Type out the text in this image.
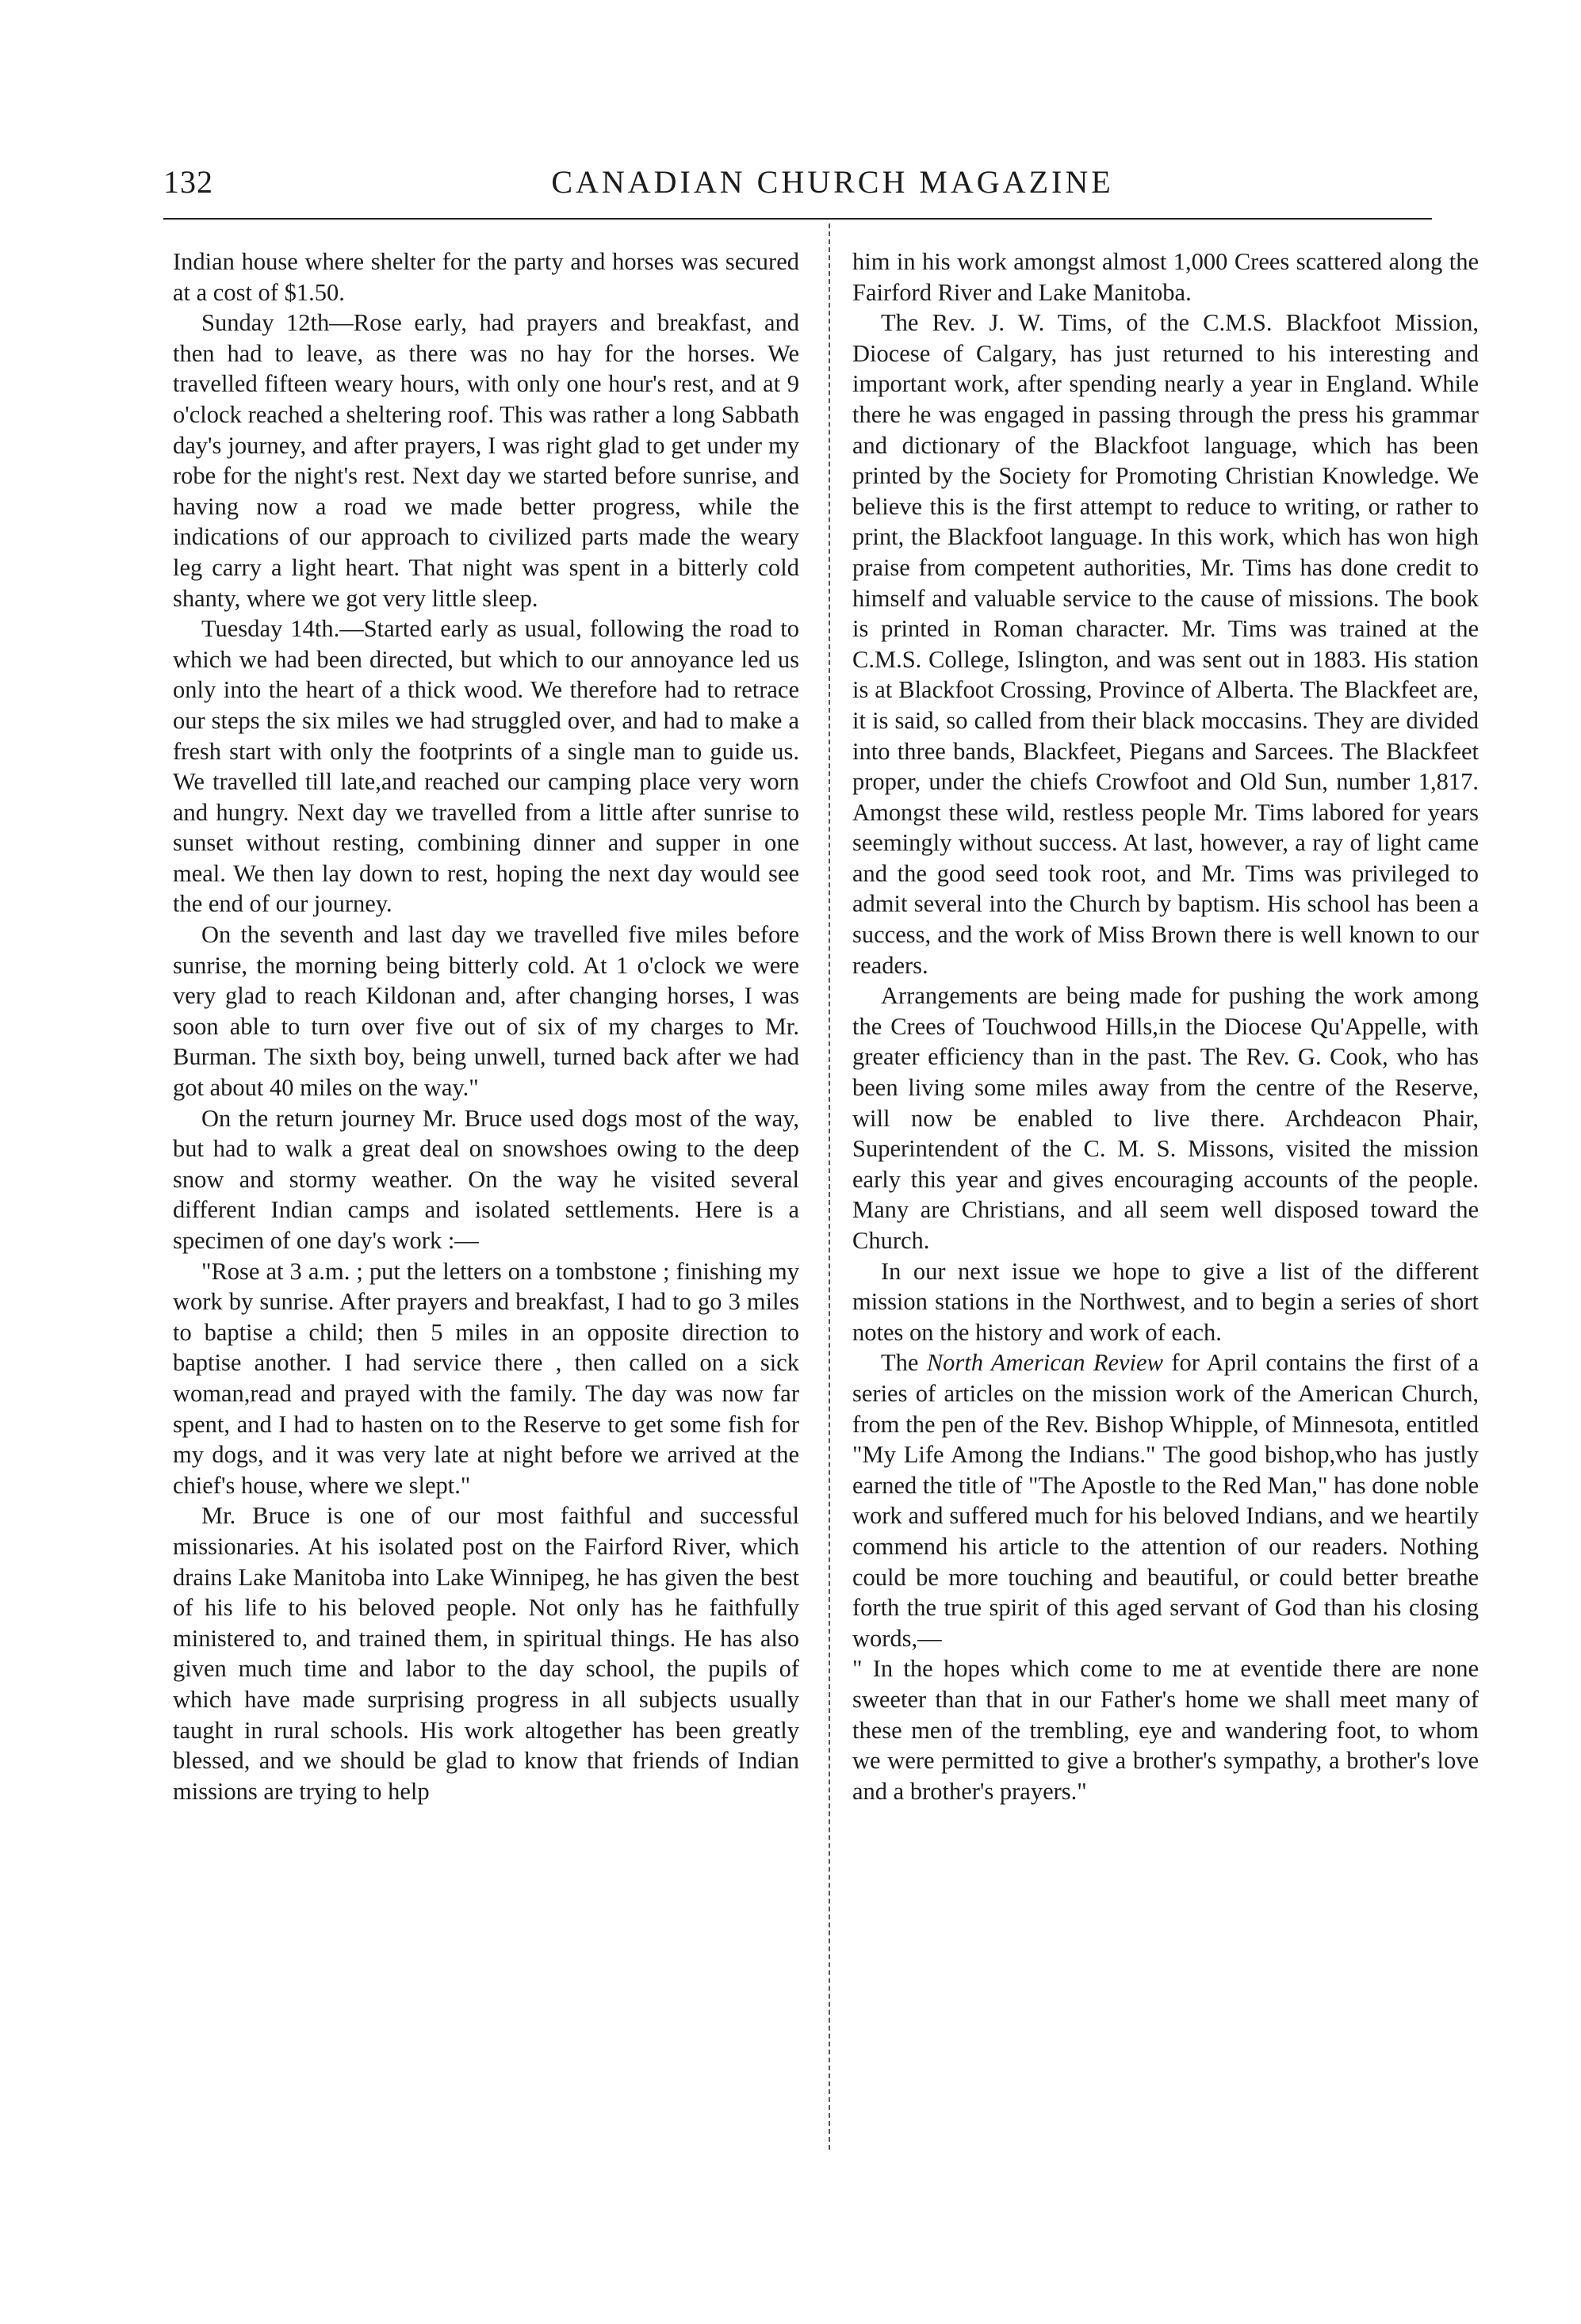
132	CANADIAN CHURCH MAGAZINE

Indian house where shelter for the party and horses was secured at a cost of $1.50.

Sunday 12th—Rose early, had prayers and breakfast, and then had to leave, as there was no hay for the horses. We travelled fifteen weary hours, with only one hour's rest, and at 9 o'clock reached a sheltering roof. This was rather a long Sabbath day's journey, and after prayers, I was right glad to get under my robe for the night's rest. Next day we started before sunrise, and having now a road we made better progress, while the indications of our approach to civilized parts made the weary leg carry a light heart. That night was spent in a bitterly cold shanty, where we got very little sleep.

Tuesday 14th.—Started early as usual, following the road to which we had been directed, but which to our annoyance led us only into the heart of a thick wood. We therefore had to retrace our steps the six miles we had struggled over, and had to make a fresh start with only the footprints of a single man to guide us. We travelled till late,and reached our camping place very worn and hungry. Next day we travelled from a little after sunrise to sunset without resting, combining dinner and supper in one meal. We then lay down to rest, hoping the next day would see the end of our journey.

On the seventh and last day we travelled five miles before sunrise, the morning being bitterly cold. At 1 o'clock we were very glad to reach Kildonan and, after changing horses, I was soon able to turn over five out of six of my charges to Mr. Burman. The sixth boy, being unwell, turned back after we had got about 40 miles on the way."

On the return journey Mr. Bruce used dogs most of the way, but had to walk a great deal on snowshoes owing to the deep snow and stormy weather. On the way he visited several different Indian camps and isolated settlements. Here is a specimen of one day's work :—

"Rose at 3 a.m. ; put the letters on a tombstone ; finishing my work by sunrise. After prayers and breakfast, I had to go 3 miles to baptise a child; then 5 miles in an opposite direction to baptise another. I had service there , then called on a sick woman,read and prayed with the family. The day was now far spent, and I had to hasten on to the Reserve to get some fish for my dogs, and it was very late at night before we arrived at the chief's house, where we slept."

Mr. Bruce is one of our most faithful and successful missionaries. At his isolated post on the Fairford River, which drains Lake Manitoba into Lake Winnipeg, he has given the best of his life to his beloved people. Not only has he faithfully ministered to, and trained them, in spiritual things. He has also given much time and labor to the day school, the pupils of which have made surprising progress in all subjects usually taught in rural schools. His work altogether has been greatly blessed, and we should be glad to know that friends of Indian missions are trying to help

him in his work amongst almost 1,000 Crees scattered along the Fairford River and Lake Manitoba.

The Rev. J. W. Tims, of the C.M.S. Blackfoot Mission, Diocese of Calgary, has just returned to his interesting and important work, after spending nearly a year in England. While there he was engaged in passing through the press his grammar and dictionary of the Blackfoot language, which has been printed by the Society for Promoting Christian Knowledge. We believe this is the first attempt to reduce to writing, or rather to print, the Blackfoot language. In this work, which has won high praise from competent authorities, Mr. Tims has done credit to himself and valuable service to the cause of missions. The book is printed in Roman character. Mr. Tims was trained at the C.M.S. College, Islington, and was sent out in 1883. His station is at Blackfoot Crossing, Province of Alberta. The Blackfeet are, it is said, so called from their black moccasins. They are divided into three bands, Blackfeet, Piegans and Sarcees. The Blackfeet proper, under the chiefs Crowfoot and Old Sun, number 1,817. Amongst these wild, restless people Mr. Tims labored for years seemingly without success. At last, however, a ray of light came and the good seed took root, and Mr. Tims was privileged to admit several into the Church by baptism. His school has been a success, and the work of Miss Brown there is well known to our readers.

Arrangements are being made for pushing the work among the Crees of Touchwood Hills,in the Diocese Qu'Appelle, with greater efficiency than in the past. The Rev. G. Cook, who has been living some miles away from the centre of the Reserve, will now be enabled to live there. Archdeacon Phair, Superintendent of the C. M. S. Missons, visited the mission early this year and gives encouraging accounts of the people. Many are Christians, and all seem well disposed toward the Church.

In our next issue we hope to give a list of the different mission stations in the Northwest, and to begin a series of short notes on the history and work of each.

The North American Review for April contains the first of a series of articles on the mission work of the American Church, from the pen of the Rev. Bishop Whipple, of Minnesota, entitled "My Life Among the Indians." The good bishop,who has justly earned the title of "The Apostle to the Red Man," has done noble work and suffered much for his beloved Indians, and we heartily commend his article to the attention of our readers. Nothing could be more touching and beautiful, or could better breathe forth the true spirit of this aged servant of God than his closing words,—

" In the hopes which come to me at eventide there are none sweeter than that in our Father's home we shall meet many of these men of the trembling, eye and wandering foot, to whom we were permitted to give a brother's sympathy, a brother's love and a brother's prayers."
